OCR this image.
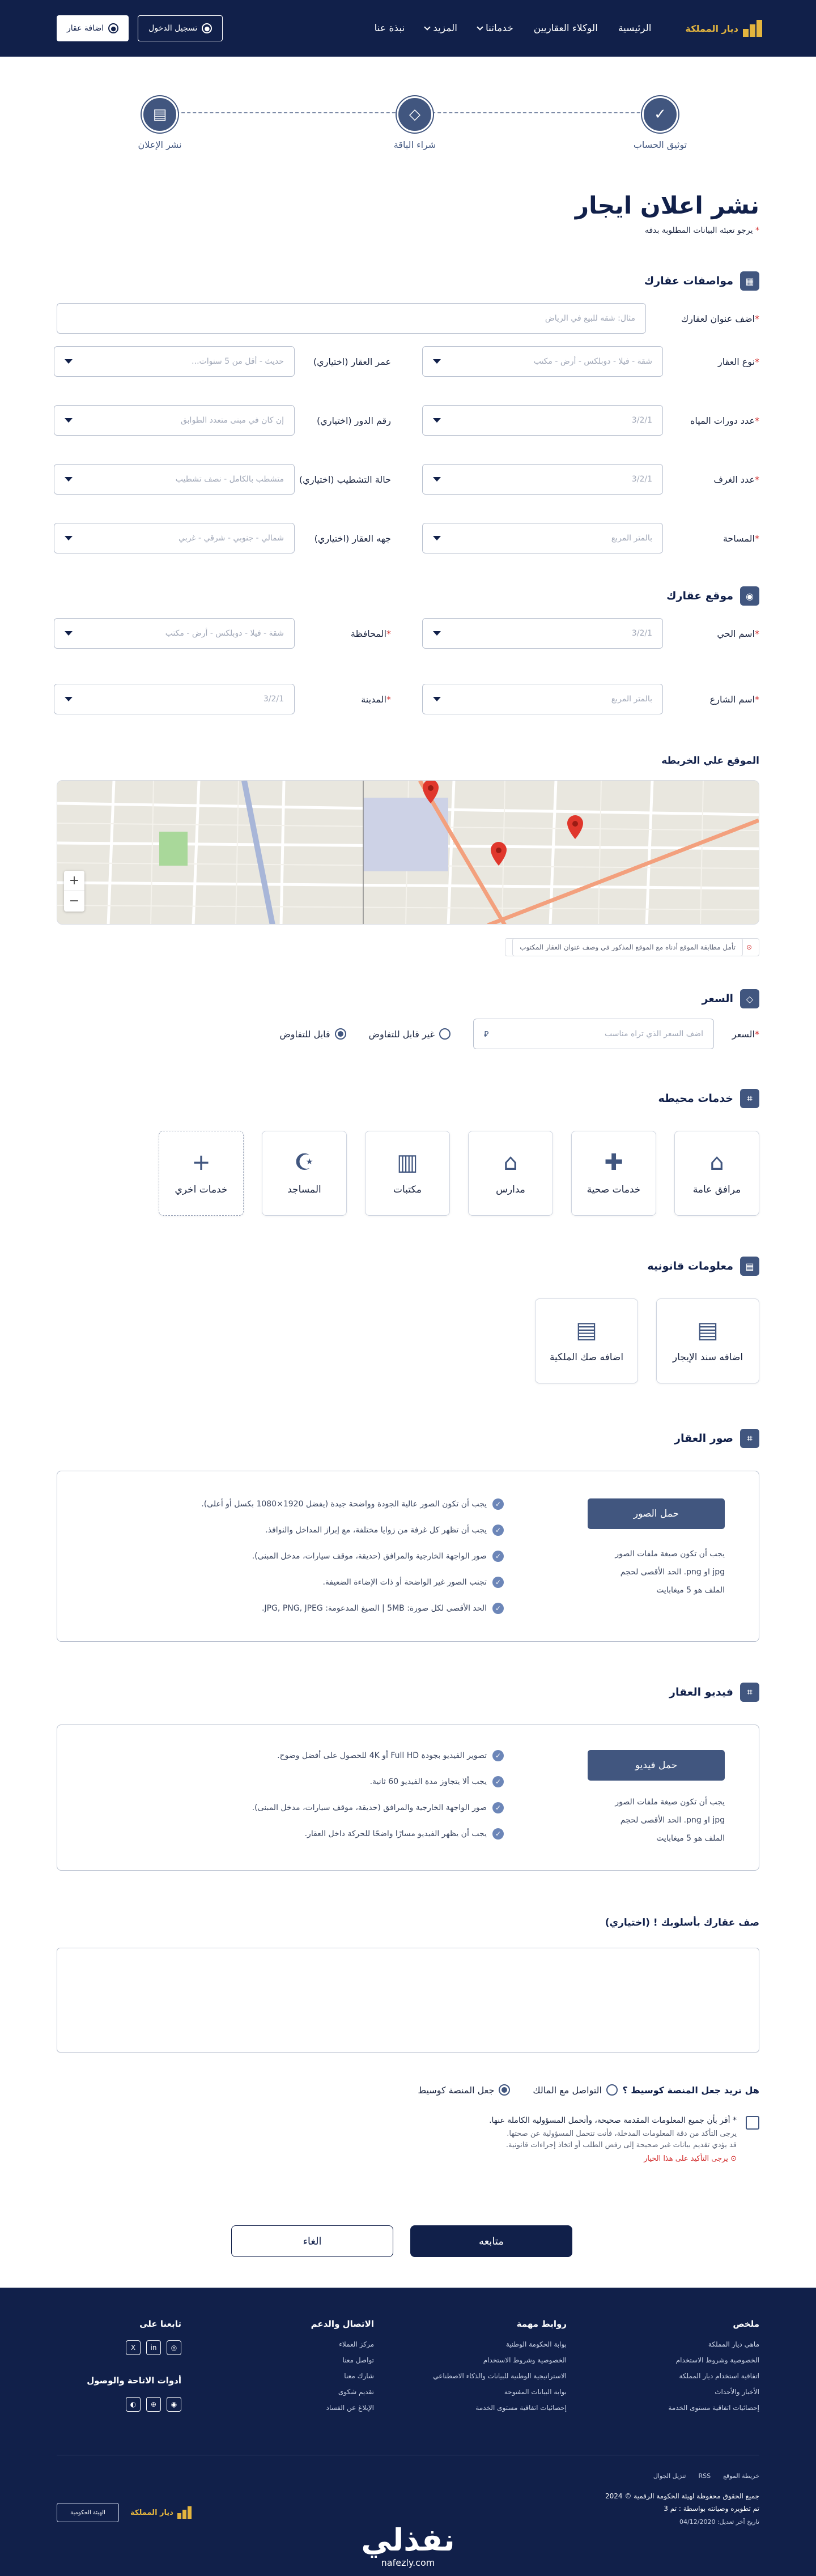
ديار المملكة
الرئيسية
الوكلاء العقاريين
خدماتنا
المزيد
نبذة عنا
●
تسجيل الدخول
●
اضافة عقار
✓
توثيق الحساب
◇
شراء الباقة
▤
نشر الإعلان
نشر اعلان ايجار

* يرجو تعبئه البيانات المطلوبة بدقه

▦
مواصفات عقارك
*اضف عنوان لعقارك
مثال: شقه للبيع في الرياض
*نوع العقار
شقة - فيلا - دوبلكس - أرض - مكتب
عمر العقار (اختياري)
حديث - أقل من 5 سنوات...
*عدد دورات المياه
3/2/1
رقم الدور (اختياري)
إن كان في مبنى متعدد الطوابق
*عدد الغرف
3/2/1
حالة التشطيب (اختياري)
متشطب بالكامل - نصف تشطيب
*المساحة
بالمتر المربع
جهه العقار (اختياري)
شمالي - جنوبي - شرقي - غربي
◉
موقع عقارك
*اسم الحي
3/2/1
*المحافظة
شقة - فيلا - دوبلكس - أرض - مكتب
*اسم الشارع
بالمتر المربع
*المدينة
3/2/1
الموقع علي الخريطه
+
−
⊙تأمل مطابقة الموقع أدناه مع الموقع المذكور في وصف عنوان العقار المكتوب
◇
السعر
*السعر
اضف السعر الذي تراه مناسب
⃁
غير قابل للتفاوض
قابل للتفاوض
⌗
خدمات محيطه
⌂
مرافق عامة
✚
خدمات صحية
⌂
مدارس
▥
مكتبات
☪
المساجد
+
خدمات اخري
▤
معلومات قانونيه
▤
اضافه سند الإيجار
▤
اضافه صك الملكية
⌗
صور العقار
حمل الصور
يجب أن تكون صيغة ملفات الصور
jpg او png. الحد الأقصى لحجم
الملف هو 5 ميغابايت
✓
يجب أن تكون الصور عالية الجودة وواضحة جيدة (يفضل 1920×1080 بكسل أو أعلى).
✓
يجب أن تظهر كل غرفة من زوايا مختلفة، مع إبراز المداخل والنوافذ.
✓
صور الواجهة الخارجية والمرافق (حديقة، موقف سيارات، مدخل المبنى).
✓
تجنب الصور غير الواضحة أو ذات الإضاءة الضعيفة.
✓
الحد الأقصى لكل صورة: 5MB | الصيغ المدعومة: JPG, PNG, JPEG.
⌗
فيديو العقار
حمل فيديو
يجب أن تكون صيغة ملفات الصور
jpg او png. الحد الأقصى لحجم
الملف هو 5 ميغابايت
✓
تصوير الفيديو بجودة Full HD أو 4K للحصول على أفضل وضوح.
✓
يجب ألا يتجاوز مدة الفيديو 60 ثانية.
✓
صور الواجهة الخارجية والمرافق (حديقة، موقف سيارات، مدخل المبنى).
✓
يجب أن يظهر الفيديو مسارًا واضحًا للحركة داخل العقار.
صف عقارك بأسلوبك ! (اختياري)
هل تريد جعل المنصة كوسيط ؟
التواصل مع المالك
جعل المنصة كوسيط
* أقر بأن جميع المعلومات المقدمة صحيحة، وأتحمل المسؤولية الكاملة عنها.
يرجى التأكد من دقة المعلومات المدخلة، فأنت تتحمل المسؤولية عن صحتها. قد يؤدي تقديم بيانات غير صحيحة إلى رفض الطلب أو اتخاذ إجراءات قانونية.
⊙ يرجى التأكيد على هذا الخيار
متابعه
الغاء
ملخص
ماهي ديار المملكة
الخصوصية وشروط الاستخدام
اتفاقية استخدام ديار المملكة
الأخبار والأحداث
إحصائيات اتفاقية مستوى الخدمة
روابط مهمة
بوابة الحكومة الوطنية
الخصوصية وشروط الاستخدام
الاستراتيجية الوطنية للبيانات والذكاء الاصطناعي
بوابة البيانات المفتوحة
إحصائيات اتفاقية مستوى الخدمة
الاتصال والدعم
مركز العملاء
تواصل معنا
شارك معنا
تقديم شكوى
الإبلاغ عن الفساد
تابعنا على
◎
in
X
أدوات الاتاحة والوصول
◉
⊕
◐
خريطة الموقع
RSS
تنزيل الجوال
جميع الحقوق محفوظة لهيئة الحكومة الرقمية © 2024
تم تطويره وصيانته بواسطة : تم 3
تاريخ آخر تعديل: 04/12/2020
ديار المملكة
الهيئة الحكومية
نفذلي
nafezly.com
